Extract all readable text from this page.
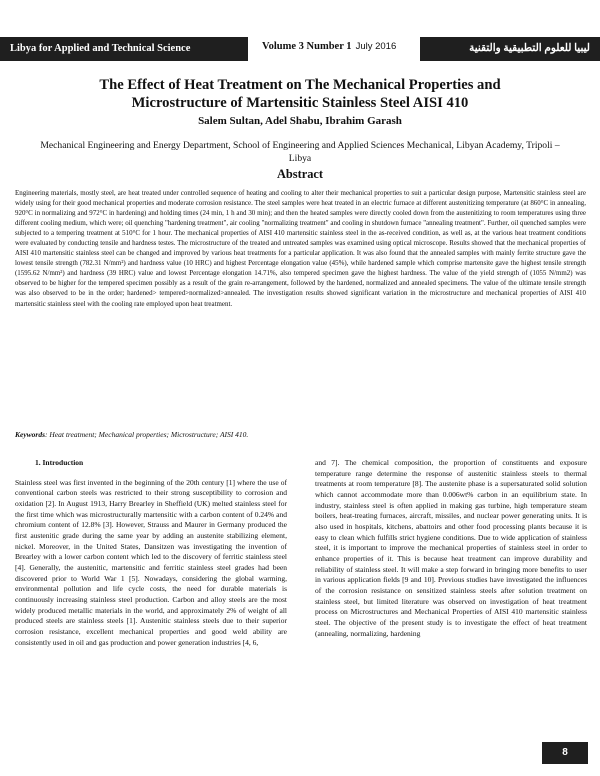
Libya for Applied and Technical Science	Volume 3 Number 1 July 2016	ليبيا للعلوم التطبيقية والتقنية
The Effect of Heat Treatment on The Mechanical Properties and
Microstructure of Martensitic Stainless Steel AISI 410
Salem Sultan, Adel Shabu, Ibrahim Garash
Mechanical Engineering and Energy Department, School of Engineering and Applied Sciences Mechanical, Libyan Academy, Tripoli – Libya
Abstract
Engineering materials, mostly steel, are heat treated under controlled sequence of heating and cooling to alter their mechanical properties to suit a particular design purpose, Martensitic stainless steel are widely using for their good mechanical properties and moderate corrosion resistance. The steel samples were heat treated in an electric furnace at different austenitizing temperature (at 860°C in annealing, 920°C in normalizing and 972°C in hardening) and holding times (24 min, 1 h and 30 min); and then the heated samples were directly cooled down from the austenitizing to room temperatures using three different cooling medium, which were; oil quenching "hardening treatment", air cooling "normalizing treatment" and cooling in shutdown furnace "annealing treatment". Further, oil quenched samples were subjected to a tempering treatment at 510°C for 1 hour. The mechanical properties of AISI 410 martensitic stainless steel in the as-received condition, as well as, at the various heat treatment conditions were evaluated by conducting tensile and hardness testes. The microstructure of the treated and untreated samples was examined using optical microscope. Results showed that the mechanical properties of AISI 410 martensitic stainless steel can be changed and improved by various heat treatments for a particular application. It was also found that the annealed samples with mainly ferrite structure gave the lowest tensile strength (782.31 N/mm²) and hardness value (10 HRC) and highest Percentage elongation value (45%), while hardened sample which comprise martensite gave the highest tensile strength (1595.62 N/mm²) and hardness (39 HRC) value and lowest Percentage elongation 14.71%, also tempered specimen gave the highest hardness. The value of the yield strength of (1055 N/mm2) was observed to be higher for the tempered specimen possibly as a result of the grain re-arrangement, followed by the hardened, normalized and annealed specimens. The value of the ultimate tensile strength was also observed to be in the order; hardened> tempered>normalized>annealed. The investigation results showed significant variation in the microstructure and mechanical properties of AISI 410 martensitic stainless steel with the cooling rate employed upon heat treatment.
Keywords: Heat treatment; Mechanical properties; Microstructure; AISI 410.
1. Introduction
Stainless steel was first invented in the beginning of the 20th century [1] where the use of conventional carbon steels was restricted to their strong susceptibility to corrosion and oxidation [2]. In August 1913, Harry Brearley in Sheffield (UK) melted stainless steel for the first time which was microstructurally martensitic with a carbon content of 0.24% and chromium content of 12.8% [3]. However, Strauss and Maurer in Germany produced the first austenitic grade during the same year by adding an austenite stabilizing element, nickel. Moreover, in the United States, Dansitzen was investigating the invention of Brearley with a lower carbon content which led to the discovery of ferritic stainless steel [4]. Generally, the austenitic, martensitic and ferritic stainless steel grades had been discovered prior to World War 1 [5]. Nowadays, considering the global warming, environmental pollution and life cycle costs, the need for durable materials is continuously increasing stainless steel production. Carbon and alloy steels are the most widely produced metallic materials in the world, and approximately 2% of weight of all produced steels are stainless steels [1]. Austenitic stainless steels due to their superior corrosion resistance, excellent mechanical properties and good weld ability are consistently used in oil and gas production and power generation industries [4, 6,
and 7]. The chemical composition, the proportion of constituents and exposure temperature range determine the response of austenitic stainless steels to thermal treatments at room temperature [8]. The austenite phase is a supersaturated solid solution which cannot accommodate more than 0.006wt% carbon in an equilibrium state. In industry, stainless steel is often applied in making gas turbine, high temperature steam boilers, heat-treating furnaces, aircraft, missiles, and nuclear power generating units. It is also used in hospitals, kitchens, abattoirs and other food processing plants because it is easy to clean which fulfills strict hygiene conditions. Due to wide application of stainless steel, it is important to improve the mechanical properties of stainless steel in order to enhance properties of it. This is because heat treatment can improve durability and reliability of stainless steel. It will make a step forward in bringing more benefits to user in various application fields [9 and 10]. Previous studies have investigated the influences of the corrosion resistance on sensitized stainless steels after solution treatment on stainless steel, but limited literature was observed on investigation of heat treatment process on Microstructures and Mechanical Properties of AISI 410 martensitic stainless steel. The objective of the present study is to investigate the effect of heat treatment (annealing, normalizing, hardening
8
